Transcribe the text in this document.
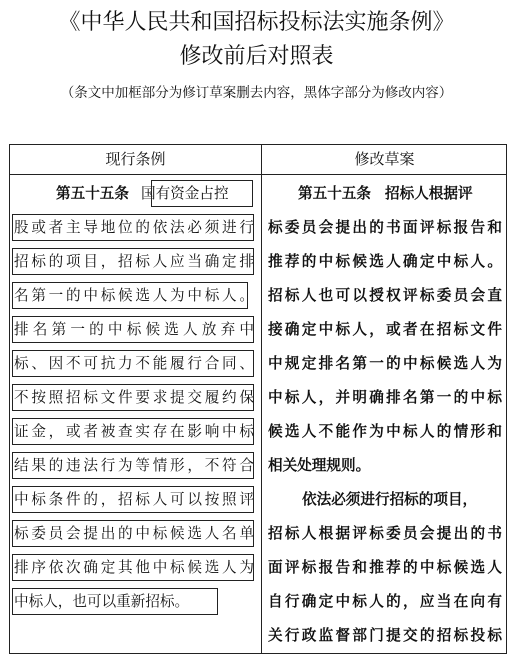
《中华人民共和国招标投标法实施条例》
修改前后对照表
（条文中加框部分为修订草案删去内容，黑体字部分为修改内容）
现行条例	修改草案
第五十五条 国有资金占控
股或者主导地位的依法必须进行
招标的项目，招标人应当确定排
名第一的中标候选人为中标人。
排名第一的中标候选人放弃中
标、因不可抗力不能履行合同、
不按照招标文件要求提交履约保
证金，或者被查实存在影响中标
结果的违法行为等情形，不符合
中标条件的，招标人可以按照评
标委员会提出的中标候选人名单
排序依次确定其他中标候选人为
中标人，也可以重新招标。
第五十五条 招标人根据评
标委员会提出的书面评标报告和
推荐的中标候选人确定中标人。
招标人也可以授权评标委员会直
接确定中标人，或者在招标文件
中规定排名第一的中标候选人为
中标人，并明确排名第一的中标
候选人不能作为中标人的情形和
相关处理规则。
依法必须进行招标的项目，
招标人根据评标委员会提出的书
面评标报告和推荐的中标候选人
自行确定中标人的，应当在向有
关行政监督部门提交的招标投标
